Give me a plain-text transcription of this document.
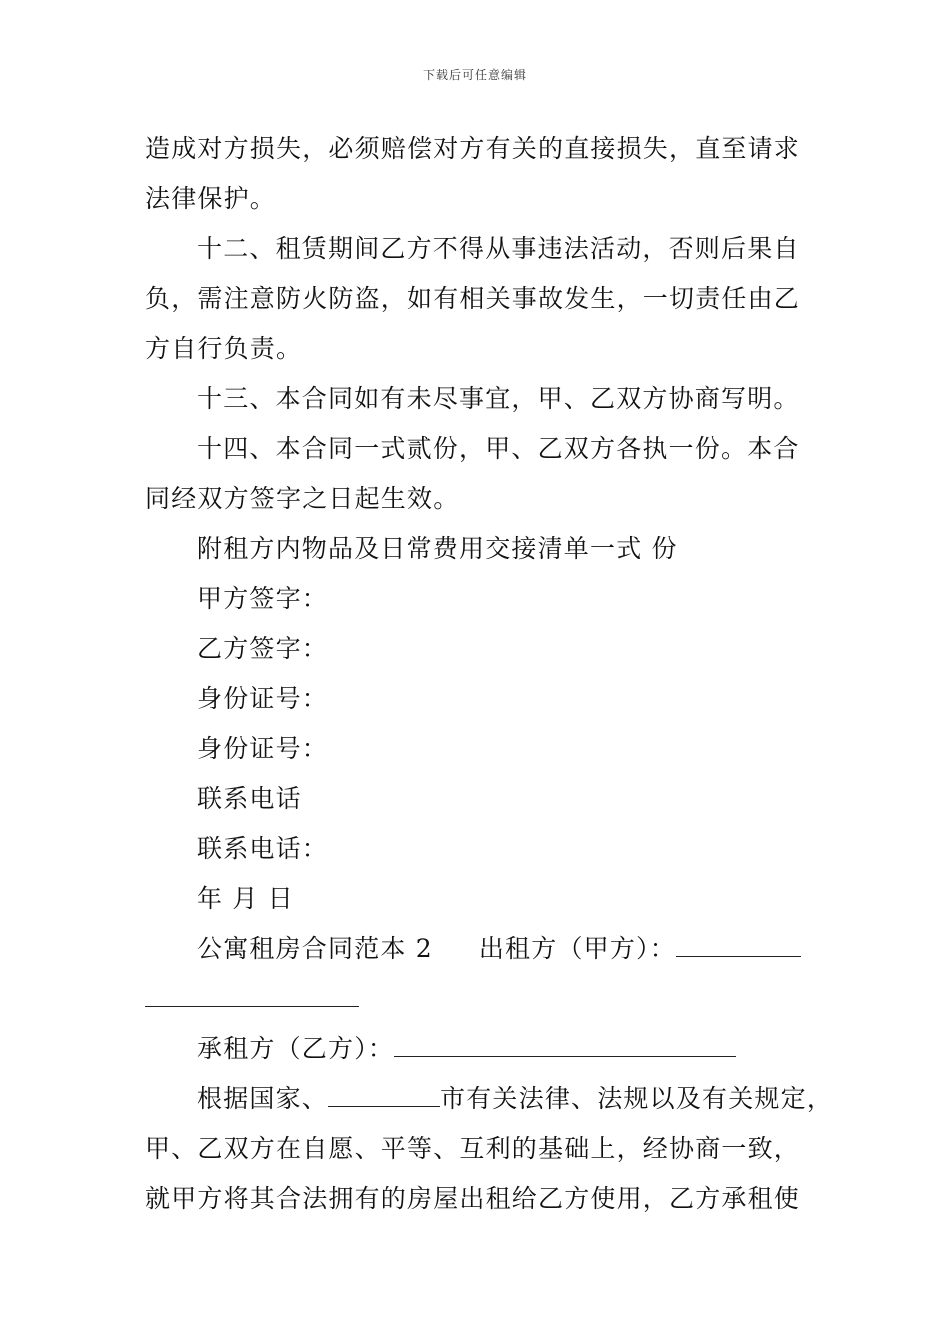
下载后可任意编辑
造成对方损失，必须赔偿对方有关的直接损失，直至请求
法律保护。
十二、租赁期间乙方不得从事违法活动，否则后果自
负，需注意防火防盗，如有相关事故发生，一切责任由乙
方自行负责。
十三、本合同如有未尽事宜，甲、乙双方协商写明。
十四、本合同一式贰份，甲、乙双方各执一份。本合
同经双方签字之日起生效。
附租方内物品及日常费用交接清单一式 份
甲方签字：
乙方签字：
身份证号：
身份证号：
联系电话
联系电话：
年 月 日
公寓租房合同范本 2 出租方（甲方）：
承租方（乙方）：
根据国家、	市有关法律、法规以及有关规定，
甲、乙双方在自愿、平等、互利的基础上，经协商一致，
就甲方将其合法拥有的房屋出租给乙方使用，乙方承租使
